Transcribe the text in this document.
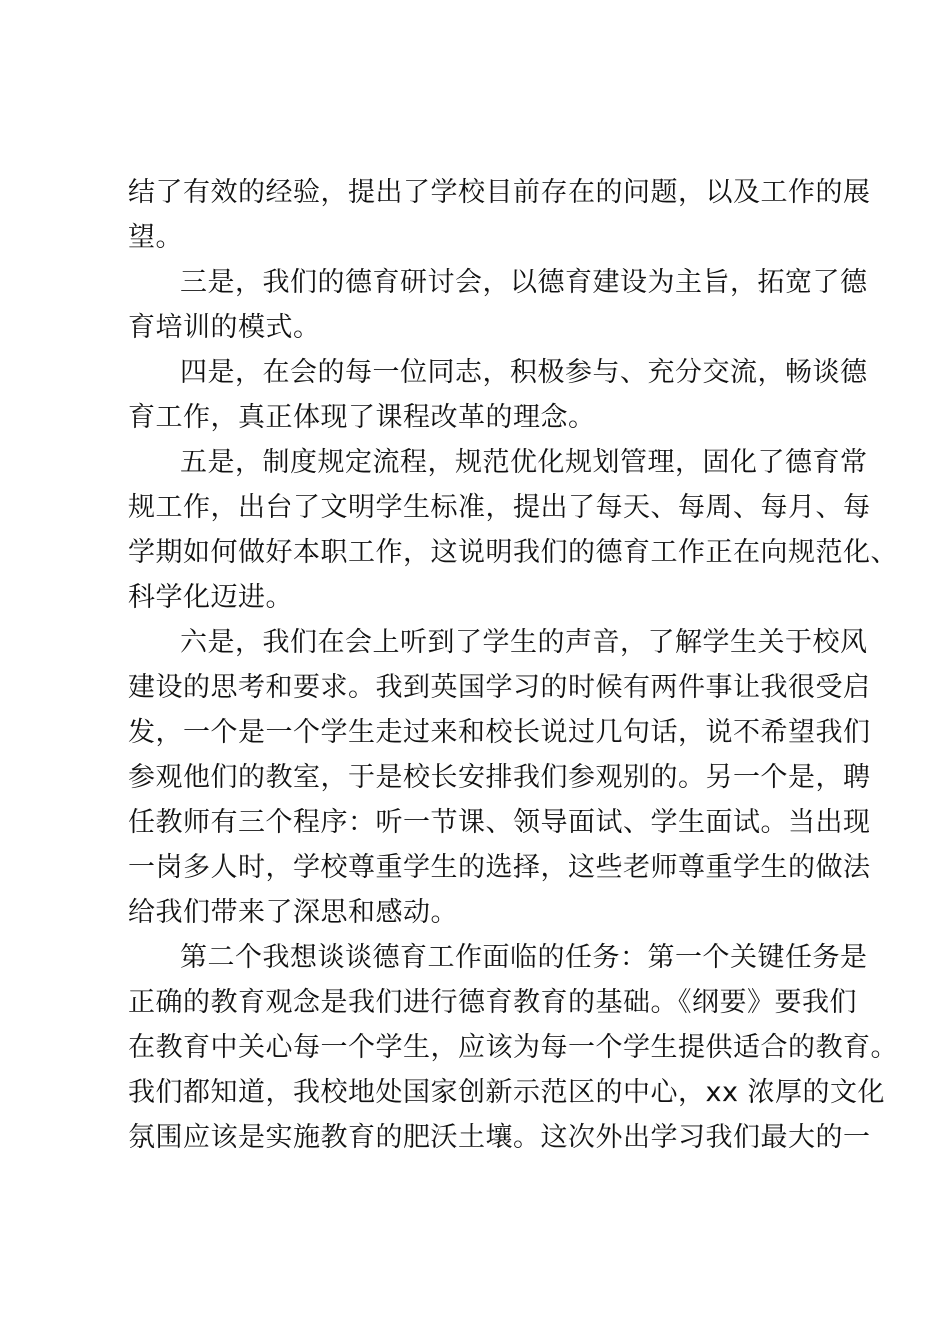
结了有效的经验，提出了学校目前存在的问题，以及工作的展
望。
三是，我们的德育研讨会，以德育建设为主旨，拓宽了德
育培训的模式。
四是，在会的每一位同志，积极参与、充分交流，畅谈德
育工作，真正体现了课程改革的理念。
五是，制度规定流程，规范优化规划管理，固化了德育常
规工作，出台了文明学生标准，提出了每天、每周、每月、每
学期如何做好本职工作，这说明我们的德育工作正在向规范化、
科学化迈进。
六是，我们在会上听到了学生的声音，了解学生关于校风
建设的思考和要求。我到英国学习的时候有两件事让我很受启
发，一个是一个学生走过来和校长说过几句话，说不希望我们
参观他们的教室，于是校长安排我们参观别的。另一个是，聘
任教师有三个程序：听一节课、领导面试、学生面试。当出现
一岗多人时，学校尊重学生的选择，这些老师尊重学生的做法
给我们带来了深思和感动。
第二个我想谈谈德育工作面临的任务：第一个关键任务是
正确的教育观念是我们进行德育教育的基础。《纲要》要我们
在教育中关心每一个学生，应该为每一个学生提供适合的教育。
我们都知道，我校地处国家创新示范区的中心，xx 浓厚的文化
氛围应该是实施教育的肥沃土壤。这次外出学习我们最大的一
